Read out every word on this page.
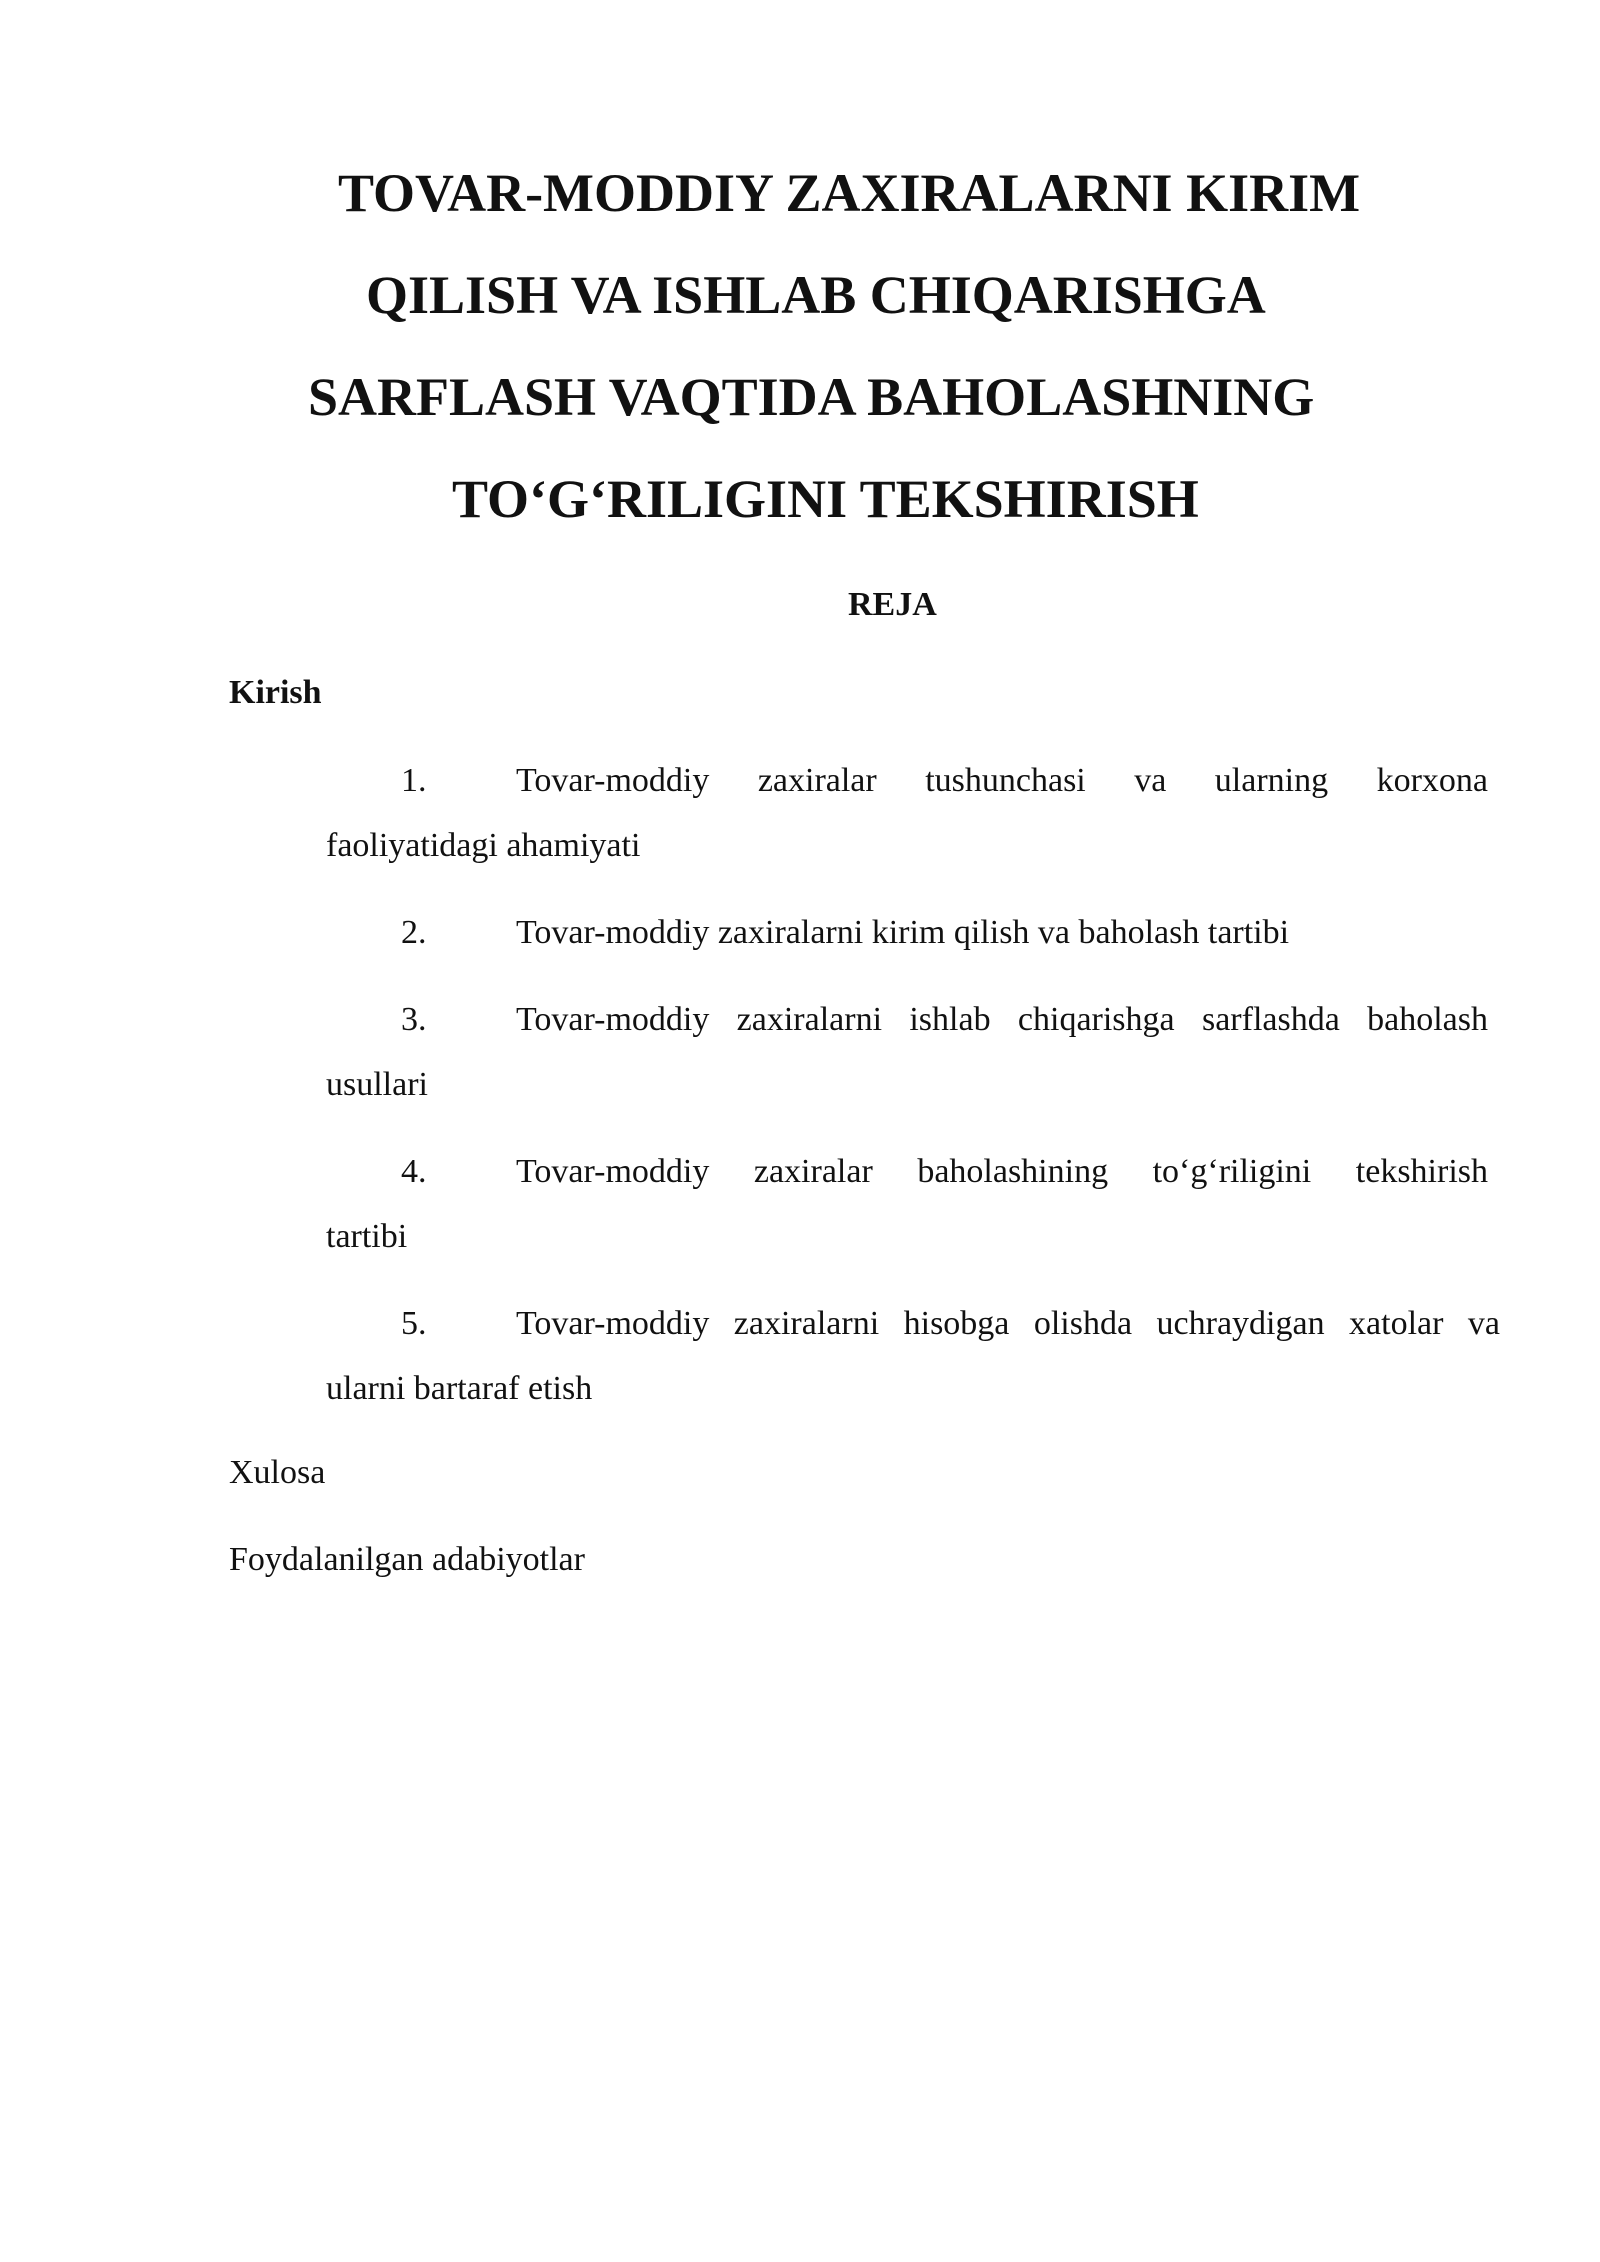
TOVAR-MODDIY ZAXIRALARNI KIRIM
QILISH VA ISHLAB CHIQARISHGA
SARFLASH VAQTIDA BAHOLASHNING
TO‘G‘RILIGINI TEKSHIRISH
REJA
Kirish
1.	Tovar-moddiy zaxiralar tushunchasi va ularning korxona
faoliyatidagi ahamiyati
2.	Tovar-moddiy zaxiralarni kirim qilish va baholash tartibi
3.	Tovar-moddiy zaxiralarni ishlab chiqarishga sarflashda baholash
usullari
4.	Tovar-moddiy zaxiralar baholashining to‘g‘riligini tekshirish
tartibi
5.	Tovar-moddiy zaxiralarni hisobga olishda uchraydigan xatolar va
ularni bartaraf etish
Xulosa
Foydalanilgan adabiyotlar
